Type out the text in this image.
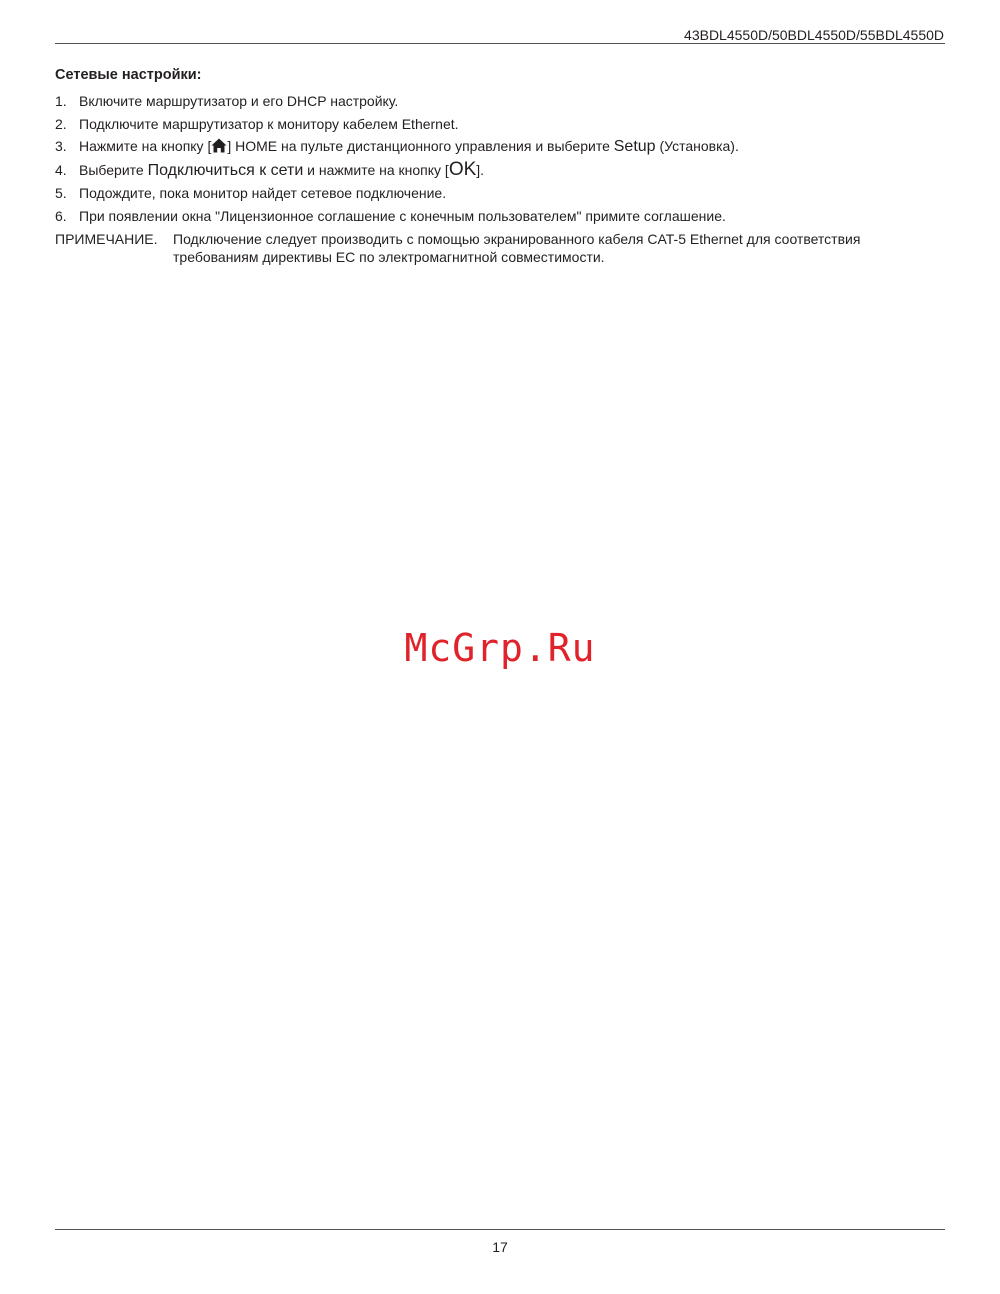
43BDL4550D/50BDL4550D/55BDL4550D
Сетевые настройки:
1. Включите маршрутизатор и его DHCP настройку.
2. Подключите маршрутизатор к монитору кабелем Ethernet.
3. Нажмите на кнопку [ ] HOME на пульте дистанционного управления и выберите Setup (Установка).
4. Выберите Подключиться к сети и нажмите на кнопку [OK].
5. Подождите, пока монитор найдет сетевое подключение.
6. При появлении окна "Лицензионное соглашение с конечным пользователем" примите соглашение.
ПРИМЕЧАНИЕ.	Подключение следует производить с помощью экранированного кабеля CAT-5 Ethernet для соответствия требованиям директивы ЕС по электромагнитной совместимости.
McGrp.Ru
17
